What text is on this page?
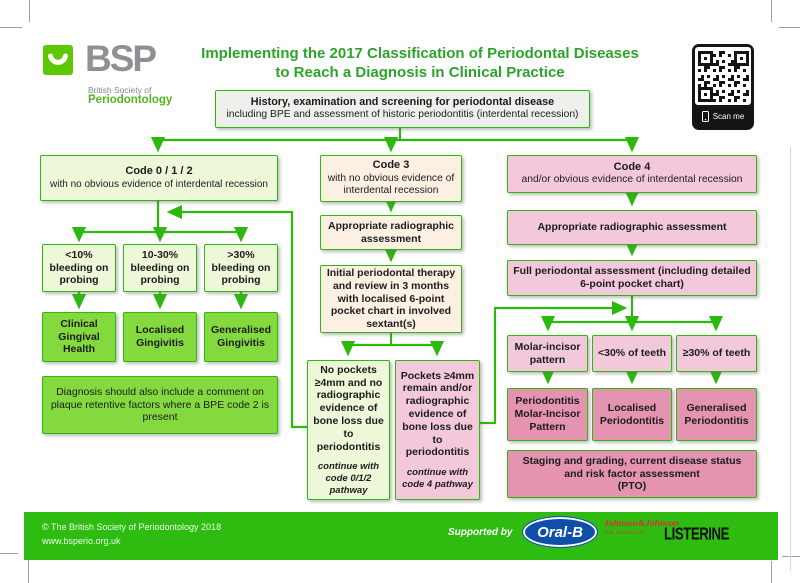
BSP
British Society of
Periodontology
Implementing the 2017 Classification of Periodontal Diseases
to Reach a Diagnosis in Clinical Practice
Scan me
History, examination and screening for periodontal disease
including BPE and assessment of historic periodontitis (interdental recession)
Code 0 / 1 / 2
with no obvious evidence of interdental recession
<10% bleeding on probing
10-30% bleeding on probing
>30% bleeding on probing
Clinical Gingival Health
Localised Gingivitis
Generalised Gingivitis
Diagnosis should also include a comment on plaque retentive factors where a BPE code 2 is present
Code 3
with no obvious evidence of interdental recession
Appropriate radiographic assessment
Initial periodontal therapy and review in 3 months with localised 6-point pocket chart in involved sextant(s)
No pockets ≥4mm and no radiographic evidence of bone loss due to periodontitis
continue with code 0/1/2 pathway
Pockets ≥4mm remain and/or radiographic evidence of bone loss due to periodontitis
continue with code 4 pathway
Code 4
and/or obvious evidence of interdental recession
Appropriate radiographic assessment
Full periodontal assessment (including detailed 6-point pocket chart)
Molar-incisor pattern
<30% of teeth ≥30% of teeth
Periodontitis Molar-Incisor Pattern
Localised Periodontitis
Generalised Periodontitis
Staging and grading, current disease status and risk factor assessment
(PTO)
© The British Society of Periodontology 2018
www.bsperio.org.uk
Supported by Oral-B Johnson&Johnson
THE MAKERS OF	LISTERINE
